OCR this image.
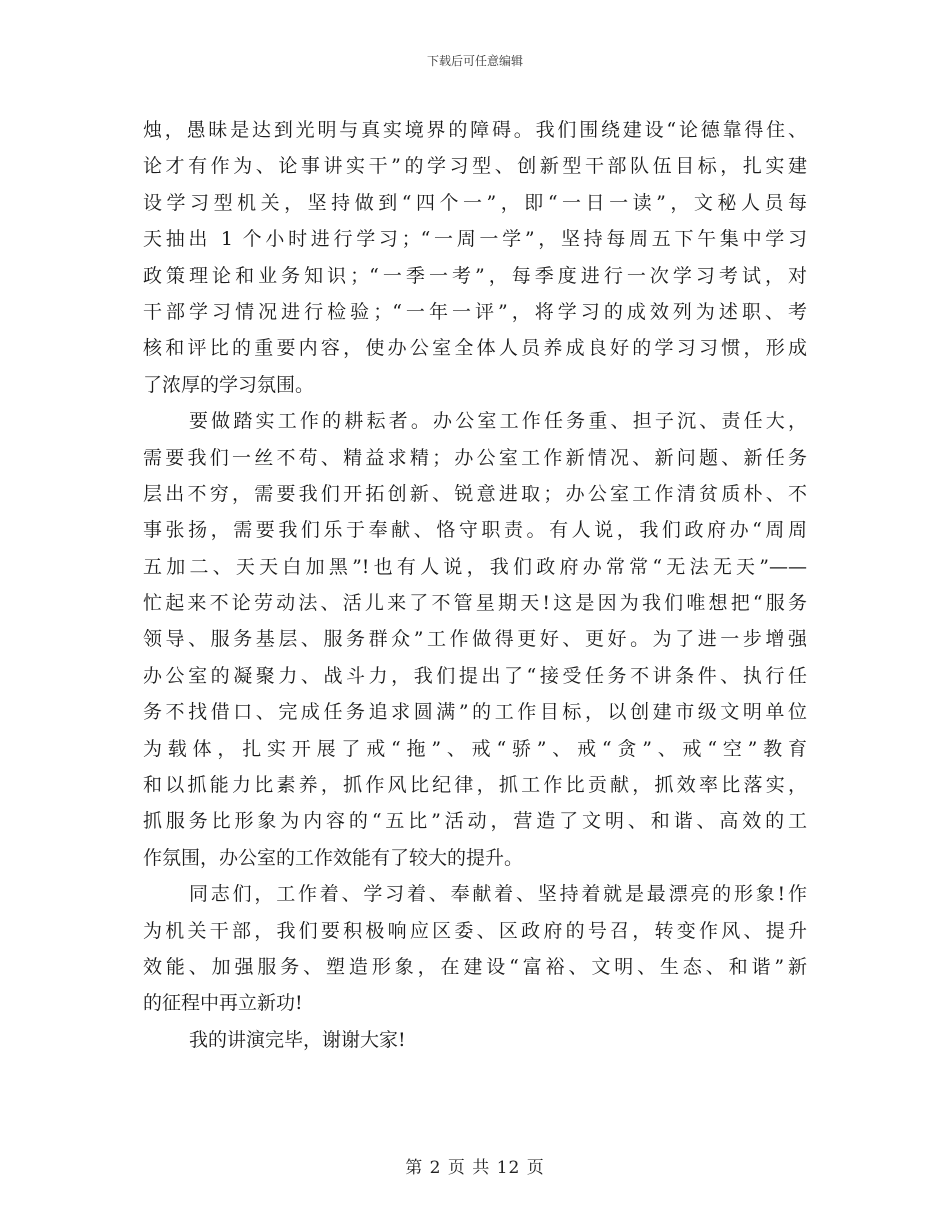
下载后可任意编辑
烛，愚昧是达到光明与真实境界的障碍。我们围绕建设“论德靠得住、
论才有作为、论事讲实干”的学习型、创新型干部队伍目标，扎实建
设学习型机关，坚持做到“四个一”，即“一日一读”，文秘人员每
天抽出 1 个小时进行学习；“一周一学”，坚持每周五下午集中学习
政策理论和业务知识；“一季一考”，每季度进行一次学习考试，对
干部学习情况进行检验；“一年一评”，将学习的成效列为述职、考
核和评比的重要内容，使办公室全体人员养成良好的学习习惯，形成
了浓厚的学习氛围。
要做踏实工作的耕耘者。办公室工作任务重、担子沉、责任大，
需要我们一丝不苟、精益求精；办公室工作新情况、新问题、新任务
层出不穷，需要我们开拓创新、锐意进取；办公室工作清贫质朴、不
事张扬，需要我们乐于奉献、恪守职责。有人说，我们政府办“周周
五加二、天天白加黑”!也有人说，我们政府办常常“无法无天”——
忙起来不论劳动法、活儿来了不管星期天!这是因为我们唯想把“服务
领导、服务基层、服务群众”工作做得更好、更好。为了进一步增强
办公室的凝聚力、战斗力，我们提出了“接受任务不讲条件、执行任
务不找借口、完成任务追求圆满”的工作目标，以创建市级文明单位
为载体，扎实开展了戒“拖”、戒“骄”、戒“贪”、戒“空”教育
和以抓能力比素养，抓作风比纪律，抓工作比贡献，抓效率比落实，
抓服务比形象为内容的“五比”活动，营造了文明、和谐、高效的工
作氛围，办公室的工作效能有了较大的提升。
同志们，工作着、学习着、奉献着、坚持着就是最漂亮的形象!作
为机关干部，我们要积极响应区委、区政府的号召，转变作风、提升
效能、加强服务、塑造形象，在建设“富裕、文明、生态、和谐”新
的征程中再立新功!
我的讲演完毕，谢谢大家!
第 2 页 共 12 页
